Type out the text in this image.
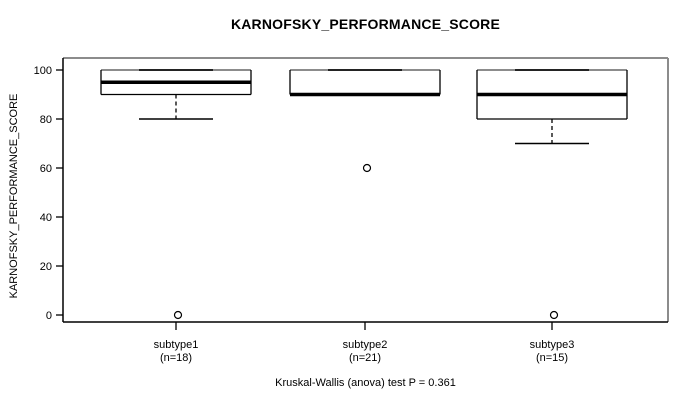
KARNOFSKY_PERFORMANCE_SCORE
KARNOFSKY_PERFORMANCE_SCORE
0
20
40
60
80
100
subtype1
(n=18)
subtype2
(n=21)
subtype3
(n=15)
Kruskal-Wallis (anova) test P = 0.361
